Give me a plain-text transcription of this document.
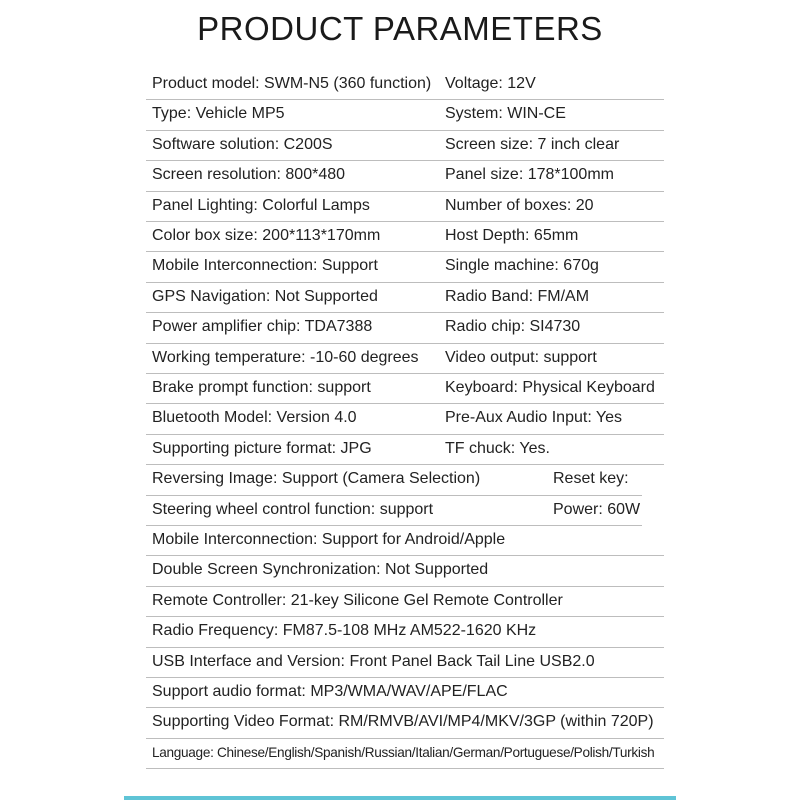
PRODUCT PARAMETERS
Product model: SWM-N5 (360 function) Voltage: 12V
Type: Vehicle MP5	System: WIN-CE
Software solution: C200S	Screen size: 7 inch clear
Screen resolution: 800*480	Panel size: 178*100mm
Panel Lighting: Colorful Lamps	Number of boxes: 20
Color box size: 200*113*170mm	Host Depth: 65mm
Mobile Interconnection: Support	Single machine: 670g
GPS Navigation: Not Supported	Radio Band: FM/AM
Power amplifier chip: TDA7388	Radio chip: SI4730
Working temperature: -10-60 degrees Video output: support
Brake prompt function: support	Keyboard: Physical Keyboard
Bluetooth Model: Version 4.0	Pre-Aux Audio Input: Yes
Supporting picture format: JPG	TF chuck: Yes.
Reversing Image: Support (Camera Selection)	Reset key:
Steering wheel control function: support	Power: 60W
Mobile Interconnection: Support for Android/Apple
Double Screen Synchronization: Not Supported
Remote Controller: 21-key Silicone Gel Remote Controller
Radio Frequency: FM87.5-108 MHz AM522-1620 KHz
USB Interface and Version: Front Panel Back Tail Line USB2.0
Support audio format: MP3/WMA/WAV/APE/FLAC
Supporting Video Format: RM/RMVB/AVI/MP4/MKV/3GP (within 720P)
Language: Chinese/English/Spanish/Russian/Italian/German/Portuguese/Polish/Turkish
